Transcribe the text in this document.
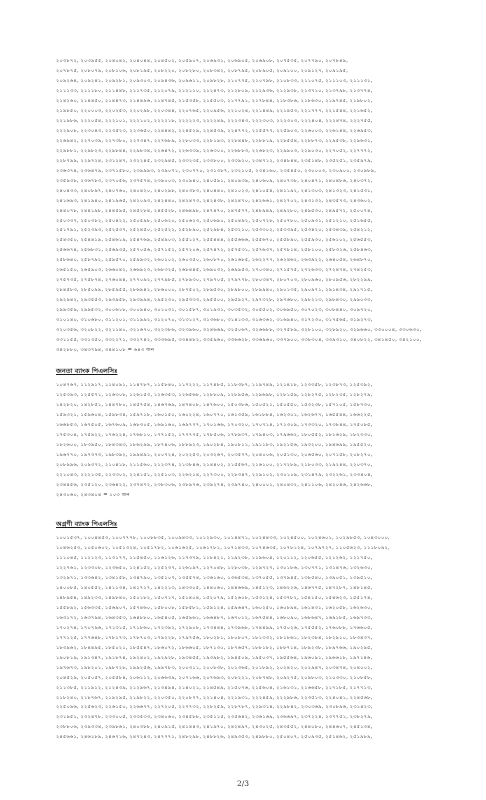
২০৩৮৭২, ২০৩৯৫৫, ২০৪০৪২, ২০৪০৪৪, ২০৪৫০২, ২০৫৯০৭, ২০৬৯৩১, ২০৬৯০৫, ২০৬৯০৮, ২০৭৫৩৫, ২০৭৭৯০, ২০৭৮৪৯,
২০৭৮৭৫, ২০৮০৭৯, ২০৮১০৬, ২০৮১৯৫, ২০৮২২০, ২০৮২৮০, ২০৮৩৪২, ২০৮৭৯৫, ২০৮৯০৫, ২০৯১০০, ২০৯১২৭, ২০৯১৯৫,
২০৯২৬৪, ২০৯২৪১, ২০৯২৮১, ২০৯৩০৩, ২০৯৪৩৬, ২০৯৬১১, ২০৯৮২৮, ২১০৭৭৫, ২১০৭৯৮, ২১০৮৩৩, ২১১০৭৫, ২১১১০৩, ২১১১৩১,
২১১১৩৩, ২১১১৮০, ২১১৪৪৮, ২১১৭৩৫, ২১২০৭৯, ২১২১১০, ২১২৪৭৩, ২১২৮০৯, ২১২৯৩৬, ২১২৯৩৮, ২১৩৭১০, ২১৩৭৯৮, ২১৩৭৭৪,
২১৪২৬০, ২১৪৪৫০, ২১৪৪৭৩, ২১৪৪৯৬, ২১৪৭৪৫, ২১৫৩৫৮, ২১৫৫০৩, ২১৭৭৯১, ২১৭৮৪৪, ২১৮৩৮৬, ২১৮৬৩০, ২১৯৭৪৫, ২১৯৮০২,
২১৯৮৫০, ২২০০০৩, ২২০২৫৩, ২২০২৯৮, ২২০৩৪৪, ২২০৭৬৫, ২২০৯৫৬, ২২১০২৪, ২২১৪৪৯, ২২১৪৫৩, ২২১৭৭৭, ২২১৫৪৪, ২২১৬৫২,
২২১৯৮৬, ২২২০৫৪, ২২২১০১, ২২২১০২, ২২২২১৮, ২২২২২৩, ২২২২৪৯, ২২২৩৪৩, ২২২৩০৩, ২২২৩০৩, ২২২৪০৪, ২২২৪৭৪, ২২২৭৫৫,
২২২৯০৮, ২২৩০৪৩, ২২৩৫২৩, ২২৩৬৫০, ২২৪৪৪২, ২২৪৫২৯, ২২৪৫৩৯, ২২৪৭৭২, ২২৫৫৭৭, ২২৫৯০৩, ২২৬০০৩, ২২৬১৪৪, ২২৬৯৫৩,
২২৬৯৪২, ২২৭০৩৯, ২২৭৩৮০, ২২৭৩৪৭, ২২৭৬৮৯, ২২৮০৩৩, ২২৮১৯৩, ২২৮৪৪৮, ২২৮৮১৯, ২২৮৫৫৪, ২২৮৮৭৩, ২২৯৫৩৮, ২২৯৬৩১,
২২৯৮৮১, ২২৯৮২৩, ২২৯৮৪৪, ২২৯৮৩৪, ২২৬৪৭২, ২২৬৩৩৯, ২২৬৩০০, ২২৬৮৮৩, ২২৬৮২৩, ২২৯৯০৩, ২২৯০৩০, ২২৭০৫২, ২২৭৭৭২,
২২৮৭৯৯, ২২৯৭২৪, ২৩১২৪৭, ২৩২২৪৫, ২৩২৯৪৫, ২৩৩২৩৫, ২৩৩৮০০, ২৩৩৯২০, ২৩৪৭১২, ২৩৪৮৪৪, ২৩৫১৪৮, ২৩৫২৫১, ২৩৫৯৭৯,
২৩৬৩৭৪, ২৩৬৪৭৯, ২৩৭১৫৮০, ২৩৯৯৯৩, ২৩৯০৭১, ২৩০৭৭০, ২৩১৩৮৭, ২৩২১০৫, ২৩৪১৬০, ২৩৫৪৫০, ২৩০০০৩, ২৩০৯০০, ২৩০৯৮৯,
২৩৫৯৩৮, ২৩৬৭৮৩, ২৩৭০৫৬, ২৩৭৫৭৪, ২৩৯০০৩, ২৩০৯৪০, ২৪০৫৯১, ২৪০৯৩৯, ২৪০৬০৯, ২৪০৭৩৮, ২৪০৪৭১, ২৪০৪৮৬, ২৪০৩৭২,
২৪০৪৩৩, ২৪০৮৯৭, ২৪০৭৬০, ২৪০৪২০, ২৪০২৯৮, ২৪০৩৮৩, ২৪০৪৪০, ২৪১০২৩, ২৪১০৫৪, ২৪১১৯২, ২৪১৩০৩, ২৪১৩২৩, ২৪১৫৩১,
২৪১৬৯৩, ২৪১৯৪০, ২৪১৯৬৫, ২৪২০৯৩, ২৪২৪৪০, ২৪২৪৭৩, ২৪২৪৩৮, ২৪২৪৭০, ২৪২৬৬১, ২৪২৭০২, ২৪৩১৩২, ২৪৩৫৭৩, ২৪৩৬০২,
২৪৪০৭৮, ২৪৪১৯৮, ২৪৪৫৯৫, ২৪৫২৮৪, ২৪৫৫২৮, ২৪৬৪৯৮, ২৪৭৪৭০, ২৪৭৫৭৭, ২৪৮৯৪৯, ২৪৯২৮০, ২৪৯৫৩০, ২৪৯৫৭২, ২৫০০৭৪,
২৫০৩৩৭, ২৫০৩৮২, ২৫০৪২২, ২৫০৫৯৮, ২৫০৬২০, ২৫০৬২৩, ২৫০৬৯০, ২৫০৪৯২, ২৫০৭২৮, ২৫০৭৮০, ২৫০৯৩১, ২৫১২১০, ২৫১৬৫৫,
২৫১৭৯১, ২৫২৩৯৩, ২৫২৫৩৭, ২৫২৪৫০, ২৫২৫২২, ২৫২৮৯০, ২৫২৯৮৪, ২৫৩২১০, ২৫৩৩০২, ২৫৩৩৯৫, ২৫৩৪২০, ২৫৩৪৩৯, ২৫৪২১২,
২৫৪৩৫০, ২৫৪৪১৯, ২৫৪৬১৯, ২৫৪৭৬৯, ২৫৪৯০৩, ২৫৫১২৭, ২৫৫৪৪৪, ২৫৫৬৬৬, ২৫৫৬৭০, ২৫৫৮৯০, ২৫৫৯৩০, ২৫৬১০২, ২৫৬৫৫৩,
২৫৬৬৭৪, ২৫৬৮৩১, ২৫৬৯৩৫, ২৫৭০৫৬, ২৫৭১৫২, ২৫৭২০৬, ২৫৭৪৭২, ২৫৭৫৩১, ২৫৭৬৩৭, ২৫৭৮১৪, ২৫৮১০০, ২৫৮৩২৬, ২৫৮৪৬৩,
২৫৮৬৪০, ২৫৮৭৯২, ২৫৯৫৭০, ২৫৯৯৩২, ২৬০১০২, ২৬০৩৫০, ২৬০৮৭০, ২৬১৬৮৫, ২৬২২৭৭, ২৬২৪৬২, ২৬৩৯২২, ২৬৪০৫৪, ২৬৪৮৭০,
২৬৫১৫০, ২৬৫৯০৩, ২৬৬০৪২, ২৬৬৯২৩, ২৬৮৩২৫, ২৬৮৪৪৫, ২৬৯০৩২, ২৬৯৯৫৩, ২৭০৩৪০, ২৭১৫৭৫, ২৭২৬৩৩, ২৭২৪৭৪, ২৭৪২৫৩,
২৭৫৭৩৫, ২৭৫৮৭৪, ২৭৬০৪৪, ২৭৭০৯২, ২৭৭৯৮৫, ২৭৮৯৩০, ২৭৯৭০৫, ২৭৯৭৭৮, ২৮০৩৪৭, ২৮০৭০৩, ২৮০৯৬০, ২৮০৯৫৬, ২৮২২৯৯,
২৮৪৫৮৩, ২৮৫০৯৯, ২৮৫৯৫৫, ২৮৬৯৪২, ২৮৬০০০, ২৮৭৫০২, ২৮৯৫৩০, ২৮৯৮০০, ২৮৯৯৪০, ২৯০১৩৫, ২৯০৯৭১, ২৯১৪৩৪, ২৯১৭১৫,
২৯২৯৪২, ২৯৩৫৫৩, ২৯৩৯৫৮, ২৯৩৯৯৪, ২৯৫২৩০, ২৯৫৩৩৩, ২৯৫৫০০, ২৯৫৯২৭, ২৯৭৩২৮, ২৯৭৬৮০, ২৯৮২১৩, ২৯৮৪৩০, ২৯৯০৩৩,
২৯৯৩৫৯, ২৯৯৫৩২, ৩০০৬১৮, ৩০০৯৪০, ৩০১০৩১, ৩০১৫৮৭, ৩০১৯৩১, ৩০৩৫৩২, ৩০৫৫০২, ৩০৬৯৫০, ৩০৭০২৩, ৩০৮৪৪০, ৩০৯৭২০,
৩১০১৪০, ৩১০৬৮০, ৩১১২০১, ৩১১৯৯২, ৩১২০৭০, ৩১৩১২৭, ৩১৩৬৮০, ৩১৪১৩৩, ৩১৬৩৬২, ৩১৬৯৪০, ৩১৭২৩০, ৩১৭৫৬৫, ৩১৯২৭৩,
৩২০৩৫৬, ৩২০৮২২, ৩২১১৪০, ৩২১৬৭০, ৩২২৩৮৬, ৩২৩৯৬০, ৩২৪৬৬৯, ৩২৫০৬৭, ৩২৬৬৮৮, ৩২৭৫৮৯, ৩২৮১০০, ৩২৮৯২০, ৩২৯৬৬০, ৩৩০০০৪, ৩৩০৬৩০,
৩৩১১৫৫, ৩৩১৩৫০, ৩৩২২৭১, ৩৩২৭৪২, ৩৩৩৬৯৫, ৩৩৪৪৮২, ৩৩৫৯৬০, ৩৩৬৬২৮, ৩৩৬৯৬০, ৩৩৭৯০০, ৩৩৮৩০৪, ৩৩৯৩১০, ৩৪০৮২২, ৩৪১৪৫০, ৩৪২১০০,
৩৪২৮৮০, ৩৪৩৭৯৪, ৩৪৪১০৮ = ৬৪৩ জন
জনতা ব্যাংক পিএলসিঃ
১০৪৭৬৭, ১১২৯১৭, ১১৪০৯১, ১১৪৭৮৭, ১১৫৮৪০, ১১৭২২২, ১১৭৪৮৫, ১১৮৩৮৭, ১১৯৭৪৯, ১২১৪১৮, ১২৩৩৫৮, ১২৩৮৭৩, ১২৫৩৯২,
১২৫৩৯৩, ১২৫৫৭১, ১২৬৩০৮, ১২৬১৫৩, ১২৬৩৫৩, ১২৬৫৬৮, ১২৮৮০৯, ১২৮৯৫৬, ১২৯৬৯৮, ১২৮১৫৯, ১২৮২৭৫, ১২৮২৩৫, ১২৮২৭৯,
১৪২৮২০, ১৪২৮৫১, ১৪৪৭৮০, ১৪৫৭৫৪, ১৪৬৭৬৯, ১৪৭৪০৮, ১৪৭৬০০, ১৫০৩৮৬, ১৫০৫২১, ১৫০৫৫০, ১৫৩২৩৮, ১৫৭১০৫, ১৫৮৭৩০,
১৫৯৩২১, ১৫৯৬০৪, ১৫৯৮৩৪, ১৫৯৭১৮, ১৬০১৫০, ১৬০২২৪, ১৬০৭৭০, ১৬১৩৫৯, ১৬১৮৮৪, ১৬২৩০১, ১৬২৬৭৭, ১৬৫৫৪৪, ১৬৬২২৫,
১৬৬৮৫৩, ১৬৭৫০৫, ১৬৭৬০৯, ১৬৮৩০৫, ১৬৯১৬০, ১৬৯৭৭৭, ১৭০১৬৬, ১৭০৩২০, ১৭০৭১৪, ১৭১৩০৯, ১৭৩৩২০, ১৭৩৮৪৪, ১৭৫০৮৫,
১৭৫৩০৪, ১৭৫৯২২, ১৭৬২২৪, ১৭৬৮১০, ১৭৭১৫২, ১৭৭৭৭৫, ১৭৮৫০৬, ১৭৮৯৩৭, ১৭৯৪০৩, ১৭৯৬৬২, ১৮০৫৫২, ১৮১৬২৯, ১৮২৩৩০,
১৮২৬০০, ১৮৩৯৫০, ১৮৪৩৪৩, ১৮৬২৯৯, ১৮৭৪০৬, ১৮৮৯২৩, ১৯০২৮৪, ১৯০৮১১, ১৯১১৮৩, ১৯২১৫৬, ১৯৩২০০, ১৯৪৬৯৯, ১৯৫৫২০,
১৯৬৭৭০, ১৯৭৩৭৩, ১৯৮৩৯২, ১৯৯৪৯১, ২০০৭২৪, ২০২২৫৩, ২০৩২৬৭, ২০৩৫৭৭, ২০৪০০৬, ২০৫১৩০, ২০৬৫৬০, ২০৭১৫৮, ২০৮২৭০,
২০৮৯৯৬, ২০৯৩৭২, ২১০৪১৮, ২১১৫৬০, ২১২৩৭৪, ২১৩৮৪৬, ২১৪৪০২, ২১৫৫৬৭, ২১৬১০০, ২১৭২৮৯, ২১৮০৩৩, ২১৯২৪৪, ২২০৩৭০,
২২১০৪৩, ২২২১৩৫, ২২৩৩০২, ২২৪১৫১, ২২৫১০৩, ২২৬২১৪, ২২৭৩০০, ২২৮৩৪৭, ২২৯১০২, ২৩০১০৯, ২৩১৪৭৯, ২৩২২৬১, ২৩৩৪০৪,
২৩৪৪৫৬, ২৩৫১২০, ২৩৬৪২২, ২৩৭৪৭২, ২৩৮৩০৬, ২৩৮৯৭৬, ২৩৯২৭৪, ২৩৯৭৪০, ২৪০০০১, ২৪০৪৩২, ২৪১১০৬, ২৪২০৪৬, ২৪২৬৬৮,
২৪৩০৬০, ২৪৩৪০৪ = ১০৩ জন
অগ্রণী ব্যাংক পিএলসিঃ
১০০১৫৩৭, ১০০৪৪৫৩, ১০০৭৭৭৮, ১০০৮৮৩৫, ১০০৯৪৩৩, ১০১২৯৩০, ১০১৪৪৭১, ১০২৪৪৩৩, ১০২৪৫০০, ১০২৪৬০১, ১০২৯৮৫৩, ১০৪৩০০০,
১০৪৬২৫৩, ১০৫০৬০২, ১০৫১৩২৪, ১০৫১৭৮২, ১০৬১৬২৫, ১০৬১৭৮১, ১০৭১৪৩৩, ১০৭৪৬৩৫, ১০৭৮১২৪, ১০৭৯৭২৭, ১১০৫৬২৩, ১১১৮০৯২,
১১১০৪৫, ১১২১২৩, ১১৩১৭৭, ১১৫৪৫০, ১১৬১২৬, ১১৭৩৭৯, ১১৮৪২১, ১১৯২৩৮, ১১৯৬০৪, ১২০১১২, ১২০৬৫৫, ১২১২৬২, ১২১৭৫০,
১২২৭৬১, ১২৩৩০৮, ১২৩৬৫০, ১২৪১৫২, ১২৫২৩৭, ১২৬১৯৭, ১২৭০৪৮, ১২৮০৩৮, ১২৯৭২৭, ১৩০১৮৬, ১৩০৭৭১, ১৩১৪৭৬, ১৩২৬৩০,
১৩২৯৭১, ১৩৩৬৪২, ১৩৪১৫৮, ১৩৪৭৯০, ১৩৫১০৭, ১৩৫৫৭৪, ১৩৬১৬০, ১৩৬৫৩৪, ১৩৭০৫৫, ১৩৭৯৪৫, ১৩৮৫৪০, ১৩৯০৫১, ১৩৯৫১০,
১৪০০৮৫, ১৪০৫৫২, ১৪১১৩৪, ১৪১৭১৭, ১৪২২১৩, ১৪৩৩০৫, ১৪৪০৬০, ১৪৪৬৬৯, ১৪৫১২৩, ১৪৬২২৬, ১৪৬৭৭৫, ১৪৭২৮৭, ১৪৮১৪৫,
১৪৮৯৫৪, ১৪৯২৩৩, ১৪৯৮৪০, ১৫০১৮২, ১৫০৭১৭, ১৫১৪০৪, ১৫২০৭৯, ১৫২৬০৮, ১৫৩১২৪, ১৫৩৭৮২, ১৫৪১৫০, ১৫৪৬২৩, ১৫৫১৭৪,
১৫৫৮৯২, ১৫৬৩৩৫, ১৫৬৯০৭, ১৫৭৪৬০, ১৫৮০০৮, ১৫৮৫৮১, ১৫৯১২৪, ১৫৯৬৪৭, ১৬০২৫০, ১৬০৮৯৪, ১৬১৪৩১, ১৬২০৫৮, ১৬২৬৩০,
১৬৩১৭২, ১৬৩৭৯৪, ১৬৪৩৫৩, ১৬৪৮৮০, ১৬৫৪০৫, ১৬৫৯৬১, ১৬৬৪৮৭, ১৬৭০১২, ১৬৭৫৪৪, ১৬৮০৯০, ১৬৮৬৪৭, ১৬৯১৮৫, ১৬৯৭৩৩,
১৭০২৭৪, ১৭০৭৯৬, ১৭১৩১৫, ১৭১৮৬০, ১৭২৩৯২, ১৭২৯০৮, ১৭৩৪৪৪, ১৭৩৯৬৮, ১৭৪৪৯৯, ১৭৫০২৬, ১৭৫৫৫২, ১৭৬০৮৮, ১৭৬৬০৫,
১৭৭১২৫, ১৭৭৬৪৮, ১৭৮১৭৩, ১৭৮৭০৩, ১৭৯২২৮, ১৭৯৭৫৬, ১৮০২৮১, ১৮০৮০৭, ১৮১৩৩২, ১৮১৮৬১, ১৮২৩৮৪, ১৮২৯১০, ১৮৩৪৩৭,
১৮৩৯৬২, ১৮৪৪৯৫, ১৮৫০২১, ১৮৫৫৪৭, ১৮৬০৭২, ১৮৬৬০৫, ১৮৭১৩০, ১৮৭৬৫৭, ১৮৮১৮২, ১৮৮৭১৪, ১৮৯২৩৮, ১৮৯৭৬৬, ১৯০২৯৫,
১৯০৮১৯, ১৯১৩৪৭, ১৯১৮৭৪, ১৯২৪০২, ১৯২৯২৮, ১৯৩৪৫৫, ১৯৩৯৮২, ১৯৪৫০৯, ১৯৫০৩৭, ১৯৫৫৬৪, ১৯৬০৯১, ১৯৬৬১৮, ১৯৭১৪৬,
১৯৭৬৭৩, ১৯৮২০১, ১৯৮৭২৮, ১৯৯২৫৬, ১৯৯৭৮৩, ২০০৩১১, ২০০৮৩৮, ২০১৩৬৫, ২০১৮৯২, ২০২৪২০, ২০২৯৪৭, ২০৩৪৭৪, ২০৪০০২,
২০৪৫২৯, ২০৫০৫৭, ২০৫৫৮৪, ২০৬১১২, ২০৬৬৩৯, ২০৭১৬৬, ২০৭৬৯৩, ২০৮২২১, ২০৮৭৪৮, ২০৯২৭৫, ২০৯৮০৩, ২১০৩৩০, ২১০৮৫৮,
২১১৩৮৫, ২১১৯১২, ২১২৪৩৯, ২১২৯৬৭, ২১৩৪৯৪, ২১৪০২১, ২১৪৫৪৯, ২১৫০৭৬, ২১৫৬০৪, ২১৬১৩১, ২১৬৬৫৮, ২১৭১৮৫, ২১৭৭১৩,
২১৮২৪০, ২১৮৭৬৭, ২১৯২৯৫, ২১৯৮২২, ২২০৩৫০, ২২০৮৭৭, ২২১৪০৪, ২২১৯৩১, ২২২৪৫৯, ২২২৯৮৬, ২২৩৫১৩, ২২৪০৪১, ২২৪৫৬৮,
২২৫০৯৬, ২২৫৬২৩, ২২৬১৫০, ২২৬৬৭৭, ২২৭২০৫, ২২৭৭৩২, ২২৮২৫৯, ২২৮৭৮৭, ২২৯৩১৪, ২২৯৮৪২, ২৩০৩৬৯, ২৩০৮৯৬, ২৩১৪২৩,
২৩১৯৫১, ২৩২৪৭৮, ২৩৩০০৫, ২৩৩৫৩৩, ২৩৪০৬০, ২৩৪৫৮৮, ২৩৫১১৫, ২৩৫৬৪২, ২৩৬১৬৯, ২৩৬৬৯৭, ২৩৭২২৪, ২৩৭৭৫১, ২৩৮২৭৯,
২৩৮৮০৬, ২৩৯৩৩৪, ২৩৯৮৬১, ২৪০৩৮৮, ২৪০৯১৫, ২৪১৪৪৩, ২৪১৯৭০, ২৪২৪৯৭, ২৪৩০২৫, ২৪৩৫৫২, ২৪৪০৮০, ২৪৪৬০৭, ২৪৫১৩৪,
২৪৫৬৬১, ২৪৬১৮৯, ২৪৬৭১৬, ২৪৭২৪৩, ২৪৭৭৭১, ২৪৮২৯৮, ২৪৮৮২৬, ২৪৯৩৫৩, ২৪৯৮৮০, ২৫০৪০৭, ২৫০৯৩৫, ২৫১৪৬২, ২৫১৯৮৯,
2/3
